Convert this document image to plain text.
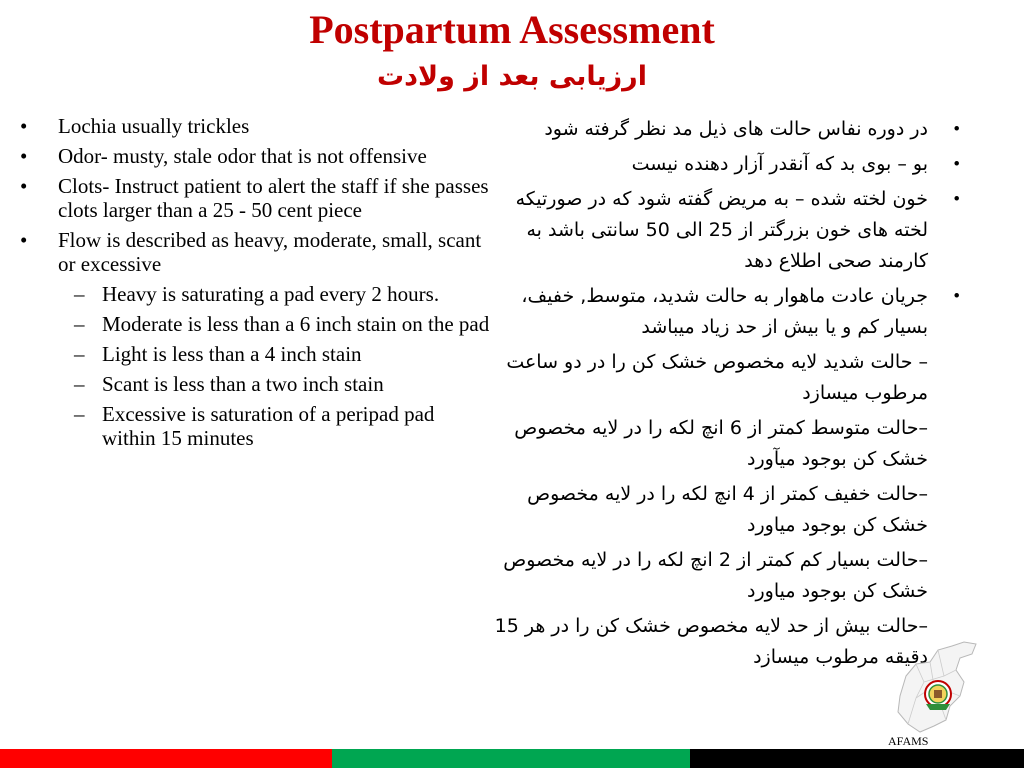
Postpartum Assessment
ارزیابی بعد از ولادت
• Lochia usually trickles
• Odor- musty, stale odor that is not offensive
• Clots- Instruct patient to alert the staff if she passes clots larger than a 25 - 50 cent piece
• Flow is described as heavy, moderate, small, scant or excessive
– Heavy is saturating a pad every 2 hours.
– Moderate is less than a 6 inch stain on the pad
– Light is less than a 4 inch stain
– Scant is less than a two inch stain
– Excessive is saturation of a peripad pad within 15 minutes
•
در دوره نفاس حالت های ذیل مد نظر گرفته شود
•
بو – بوی بد که آنقدر آزار دهنده نیست
•
خون لخته شده – به مریض گفته شود که در صورتیکه لخته های خون بزرگتر از 25 الی 50 سانتی باشد به کارمند صحی اطلاع دهد
•
جریان عادت ماهوار به حالت شدید، متوسط, خفیف، بسیار کم و یا بیش از حد زیاد میباشد
– حالت شدید لایه مخصوص خشک کن را در دو ساعت مرطوب میسازد
–حالت متوسط کمتر از 6 انچ لکه را در لایه مخصوص خشک کن بوجود میآورد
–حالت خفیف کمتر از 4 انچ لکه را در لایه مخصوص خشک کن بوجود میاورد
–حالت بسیار کم کمتر از 2 انچ لکه را در لایه مخصوص خشک کن بوجود میاورد
–حالت بیش از حد لایه مخصوص خشک کن را در هر 15 دقیقه مرطوب میسازد
AFAMS
